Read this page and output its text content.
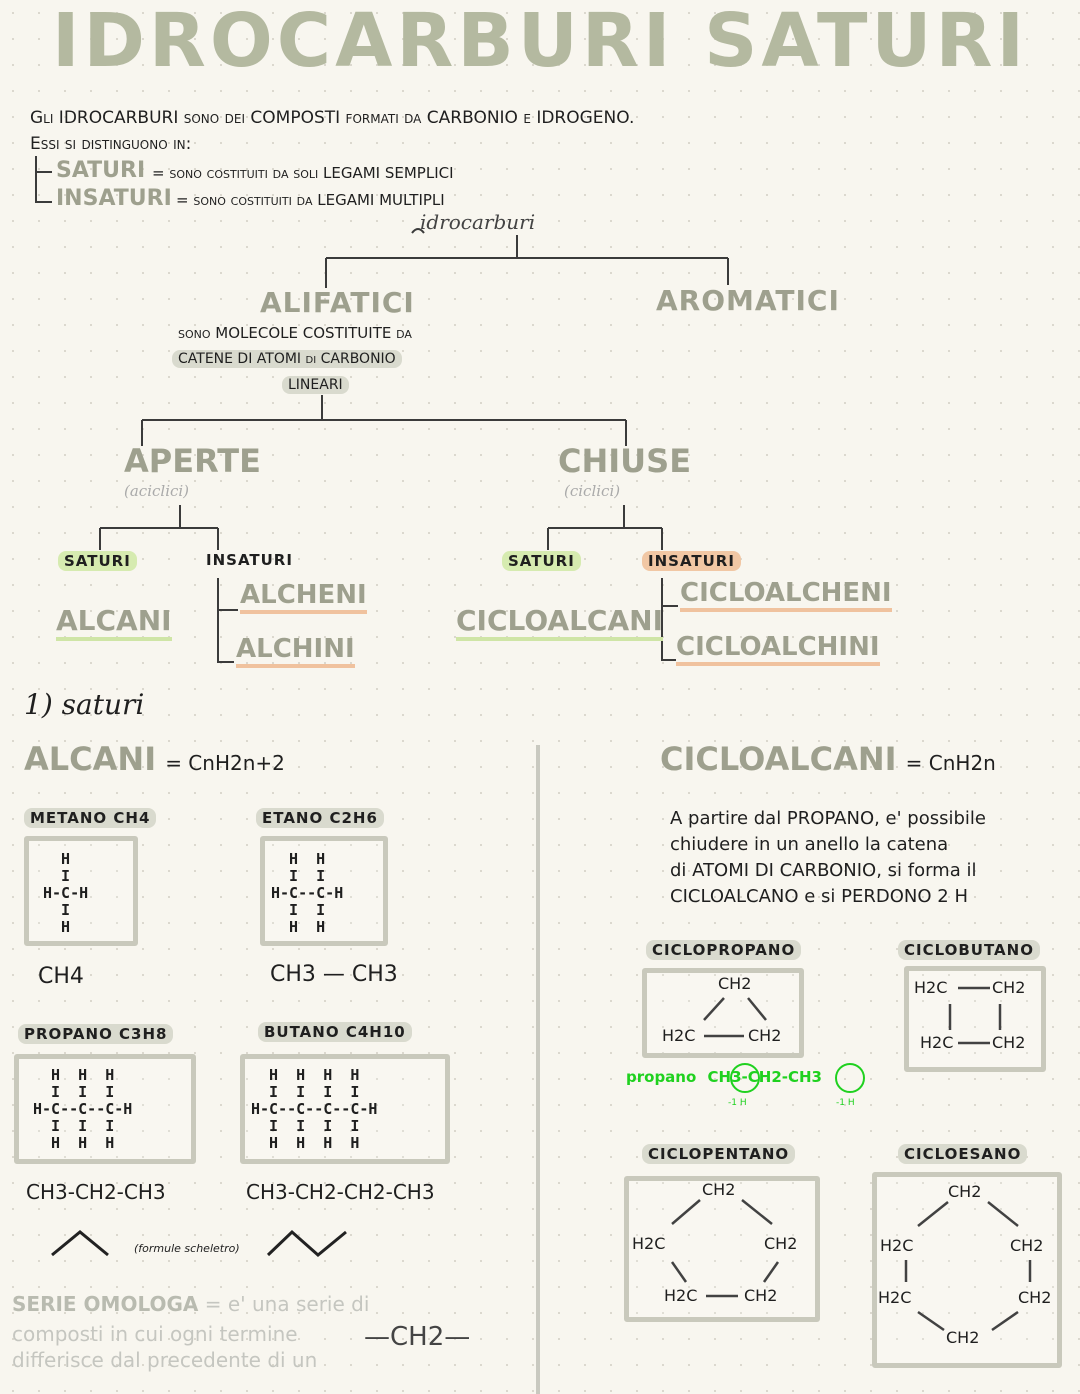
IDROCARBURI SATURI
Gli IDROCARBURI sono dei COMPOSTI formati da CARBONIO e IDROGENO.
Essi si distinguono in:
SATURI = sono costituiti da soli LEGAMI SEMPLICI
INSATURI = sono costituiti da LEGAMI MULTIPLI
idrocarburi
ALIFATICI	AROMATICI
sono MOLECOLE COSTITUITE da
CATENE DI ATOMI di CARBONIO
LINEARI
APERTE
(aciclici)
CHIUSE
(ciclici)
SATURI	INSATURI	SATURI	INSATURI
ALCANI
ALCHENI
ALCHINI
CICLOALCANI
CICLOALCHENI
CICLOALCHINI
1) saturi
ALCANI = CnH2n+2
METANO CH4
H
I
H-C-H
I
H
CH4
ETANO C2H6
H  H
I  I
H-C--C-H
I  I
H  H
CH3 — CH3
PROPANO C3H8
H  H  H
I  I  I
H-C--C--C-H
I  I  I
H  H  H
CH3-CH2-CH3
BUTANO C4H10
H  H  H  H
I  I  I  I
H-C--C--C--C-H
I  I  I  I
H  H  H  H
CH3-CH2-CH2-CH3
(formule scheletro)
SERIE OMOLOGA = e' una serie di
composti in cui ogni termine
differisce dal precedente di un
—CH2—
CICLOALCANI = CnH2n
A partire dal PROPANO, e' possibile
chiudere in un anello la catena
di ATOMI DI CARBONIO, si forma il
CICLOALCANO e si PERDONO 2 H
CICLOPROPANO
CH2
H2C	CH2
propano CH3-CH2-CH3
-1 H	-1 H
CICLOBUTANO
H2C	CH2
H2C CH2
CICLOPENTANO
CH2
H2C	CH2
H2C	CH2
CICLOESANO
CH2
H2C	CH2
H2C	CH2
CH2
